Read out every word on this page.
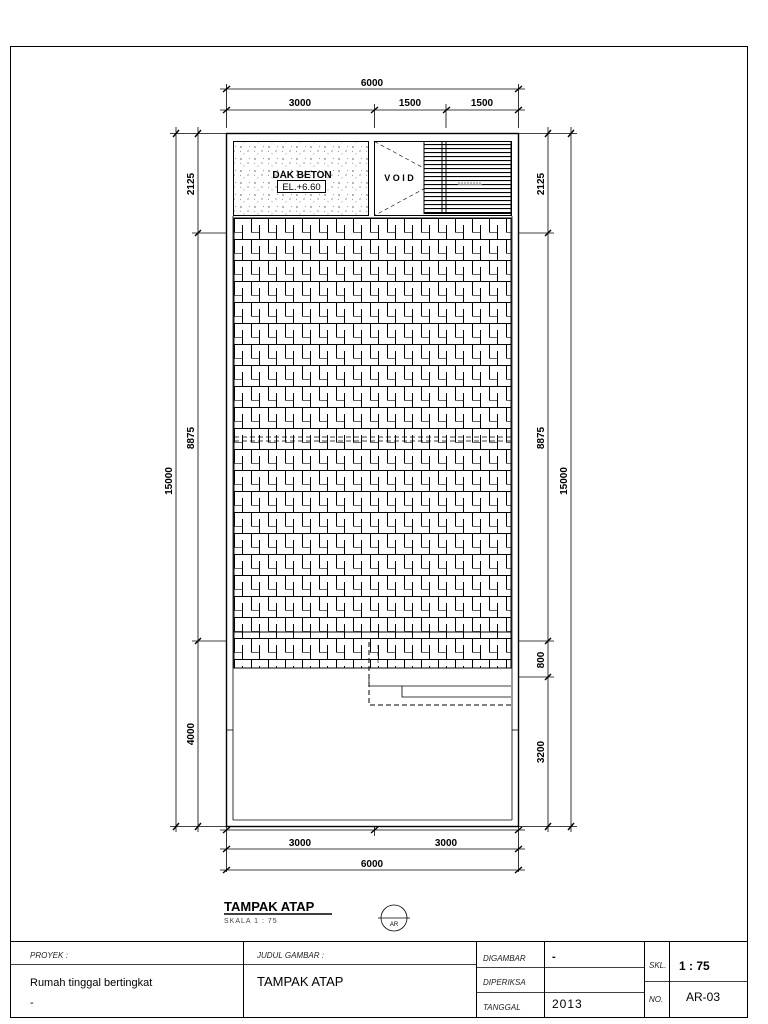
DAK BETON
EL.+6.60
V O I D
6000
3000	1500	1500
3000	3000
6000
2125
8875
4000
15000
2125
8875
800
3200
15000
TAMPAK ATAP
SKALA 1 : 75	AR
PROYEK :
Rumah tinggal bertingkat
-
JUDUL GAMBAR :
TAMPAK ATAP
DIGAMBAR -
DIPERIKSA
TANGGAL	2013
SKL. 1 : 75
NO. AR-03
